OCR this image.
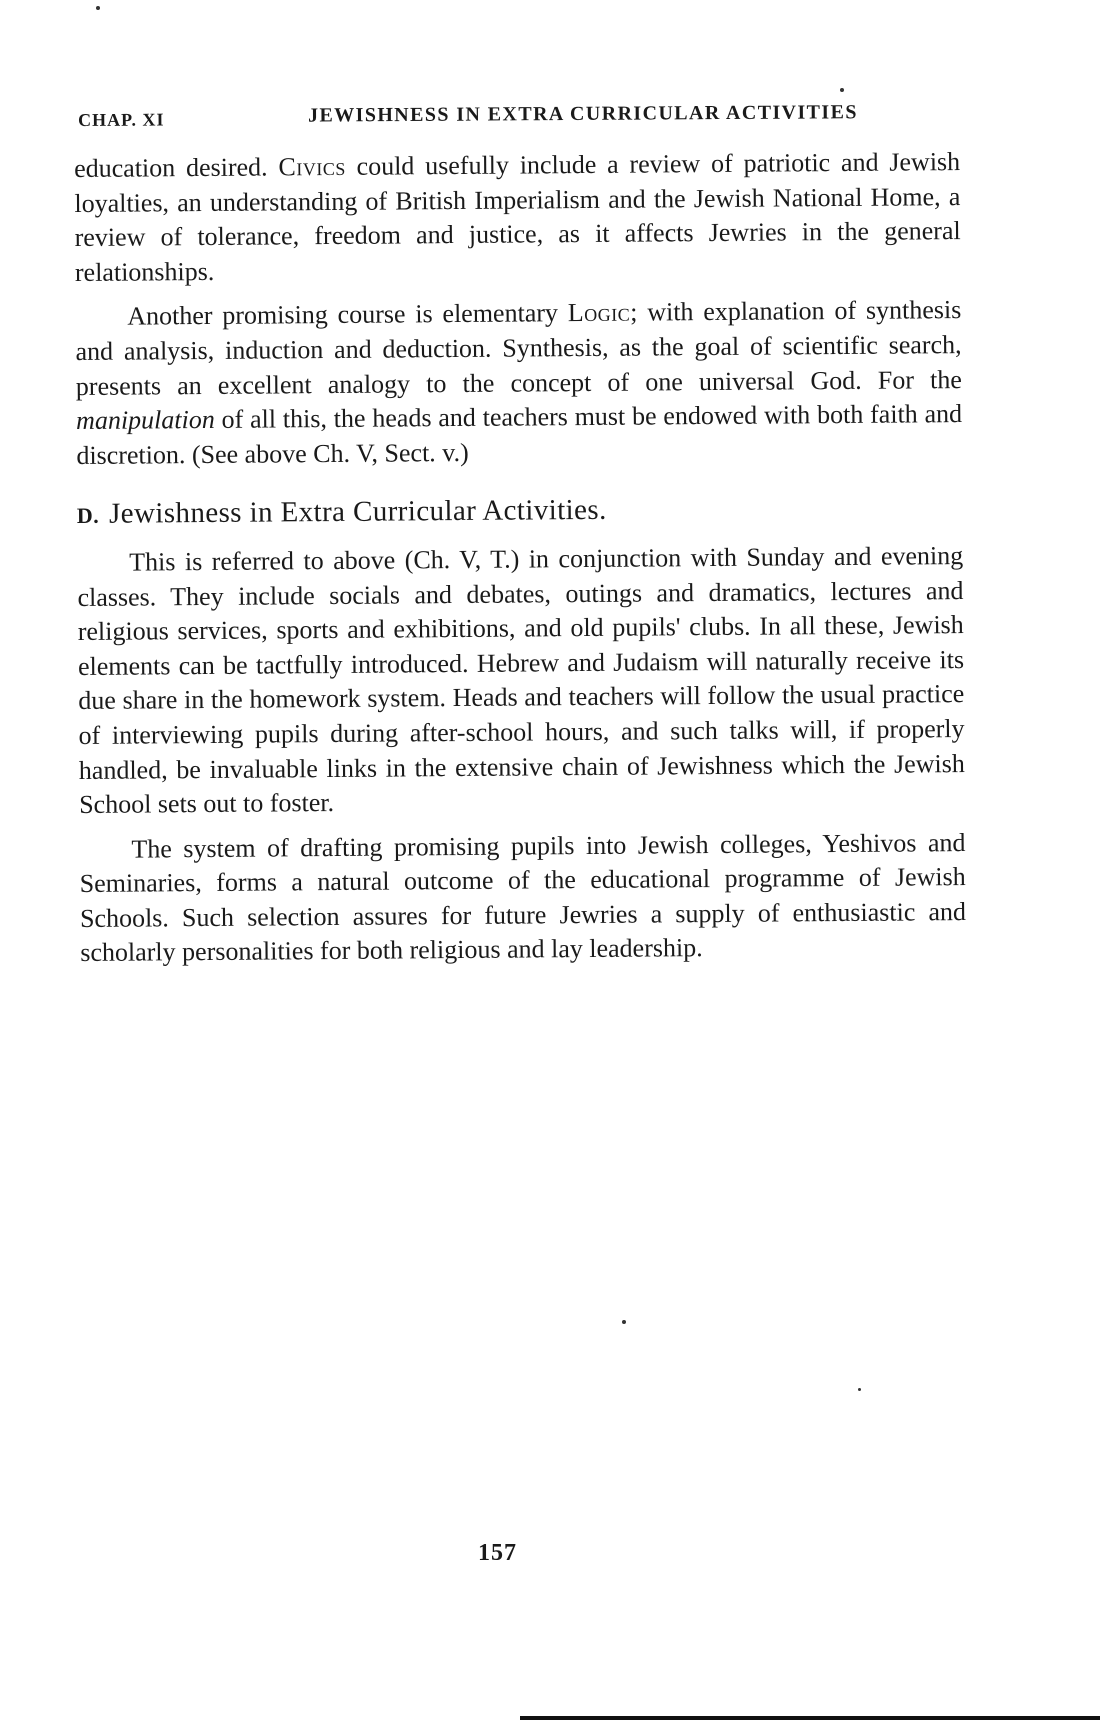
CHAP. XI	JEWISHNESS IN EXTRA CURRICULAR ACTIVITIES

education desired. Civics could usefully include a review of patriotic and Jewish loyalties, an understanding of British Imperialism and the Jewish National Home, a review of tolerance, freedom and justice, as it affects Jewries in the general relationships.

Another promising course is elementary Logic; with explanation of synthesis and analysis, induction and deduction. Synthesis, as the goal of scientific search, presents an excellent analogy to the concept of one universal God. For the manipulation of all this, the heads and teachers must be endowed with both faith and discretion. (See above Ch. V, Sect. v.)

D. Jewishness in Extra Curricular Activities.

This is referred to above (Ch. V, T.) in conjunction with Sunday and evening classes. They include socials and debates, outings and dramatics, lectures and religious services, sports and exhibitions, and old pupils' clubs. In all these, Jewish elements can be tactfully introduced. Hebrew and Judaism will naturally receive its due share in the homework system. Heads and teachers will follow the usual practice of interviewing pupils during after-school hours, and such talks will, if properly handled, be invaluable links in the extensive chain of Jewishness which the Jewish School sets out to foster.

The system of drafting promising pupils into Jewish colleges, Yeshivos and Seminaries, forms a natural outcome of the educational programme of Jewish Schools. Such selection assures for future Jewries a supply of enthusiastic and scholarly personalities for both religious and lay leadership.

157
